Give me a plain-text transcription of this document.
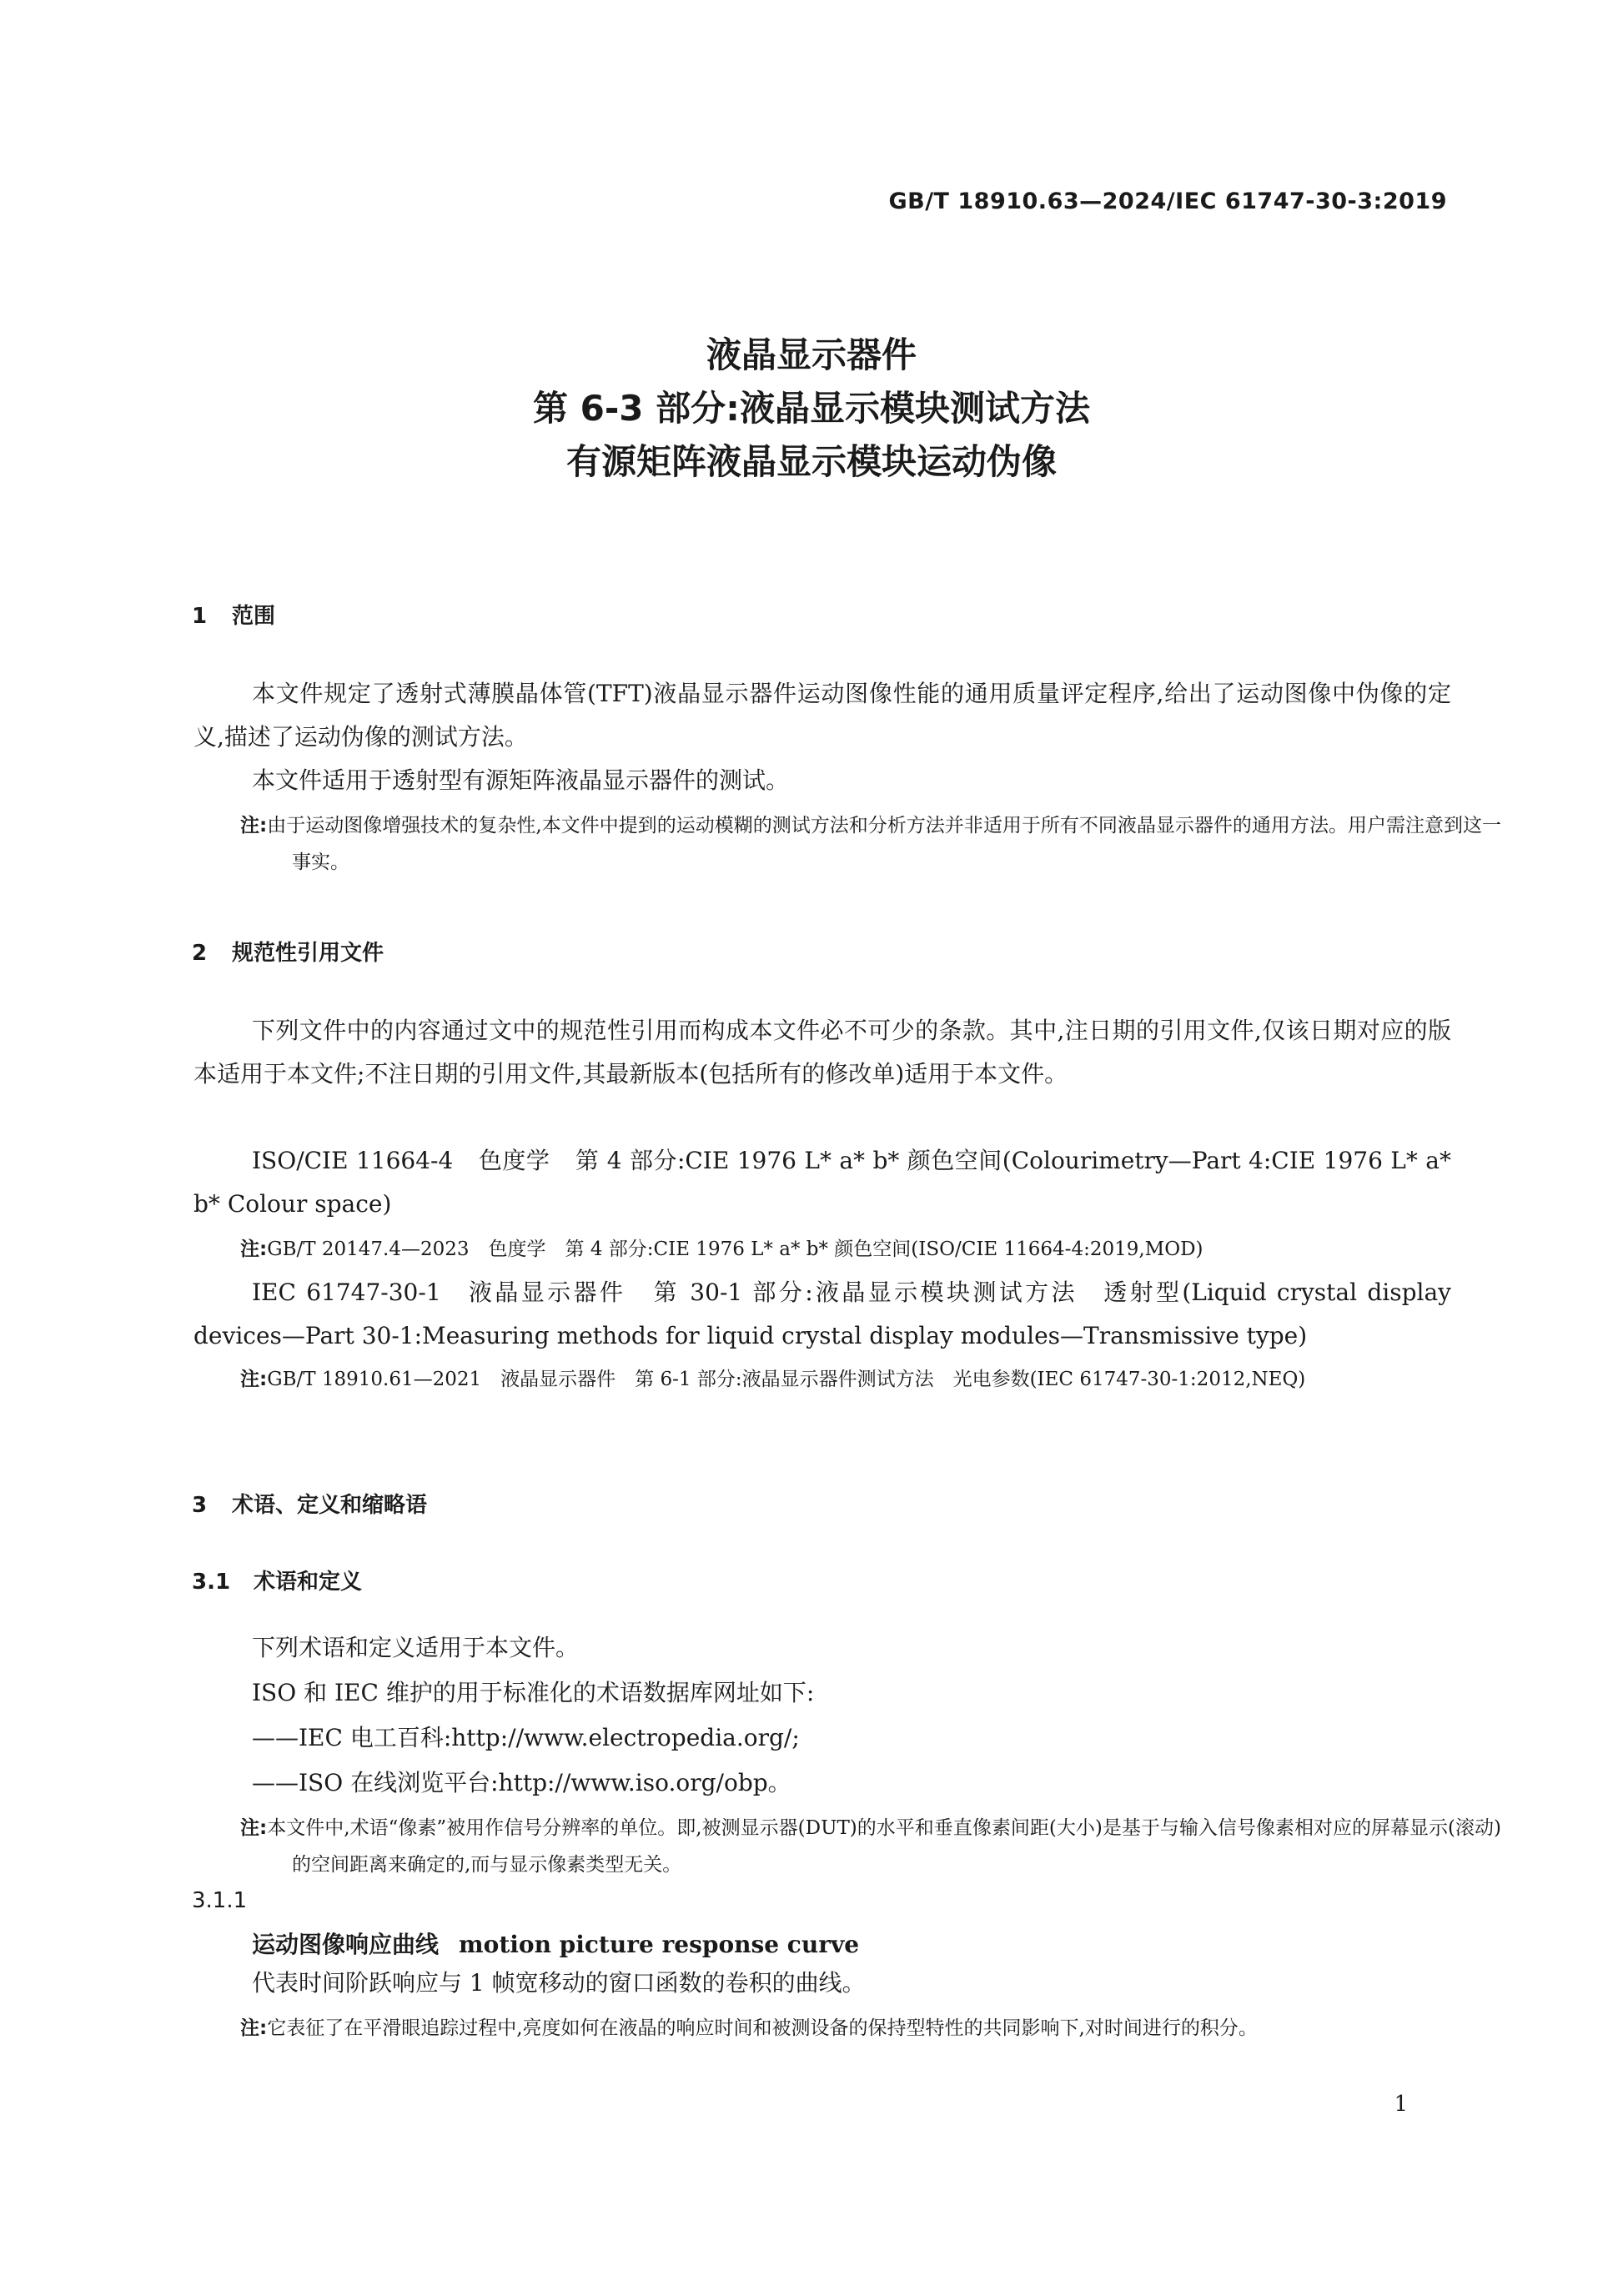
GB/T 18910.63—2024/IEC 61747-30-3:2019
液晶显示器件
第 6-3 部分:液晶显示模块测试方法
有源矩阵液晶显示模块运动伪像
1 范围
本文件规定了透射式薄膜晶体管(TFT)液晶显示器件运动图像性能的通用质量评定程序,给出了运动图像中伪像的定义,描述了运动伪像的测试方法。
本文件适用于透射型有源矩阵液晶显示器件的测试。
注:由于运动图像增强技术的复杂性,本文件中提到的运动模糊的测试方法和分析方法并非适用于所有不同液晶显示器件的通用方法。用户需注意到这一事实。
2 规范性引用文件
下列文件中的内容通过文中的规范性引用而构成本文件必不可少的条款。其中,注日期的引用文件,仅该日期对应的版本适用于本文件;不注日期的引用文件,其最新版本(包括所有的修改单)适用于本文件。
ISO/CIE 11664-4 色度学 第 4 部分:CIE 1976 L* a* b* 颜色空间(Colourimetry—Part 4:CIE 1976 L* a* b* Colour space)
注:GB/T 20147.4—2023　色度学　第 4 部分:CIE 1976 L* a* b* 颜色空间(ISO/CIE 11664-4:2019,MOD)
IEC 61747-30-1 液晶显示器件 第 30-1 部分:液晶显示模块测试方法　透射型(Liquid crystal display devices—Part 30-1:Measuring methods for liquid crystal display modules—Transmissive type)
注:GB/T 18910.61—2021　液晶显示器件　第 6-1 部分:液晶显示器件测试方法　光电参数(IEC 61747-30-1:2012,NEQ)
3 术语、定义和缩略语
3.1 术语和定义
下列术语和定义适用于本文件。
ISO 和 IEC 维护的用于标准化的术语数据库网址如下:
——IEC 电工百科:http://www.electropedia.org/;
——ISO 在线浏览平台:http://www.iso.org/obp。
注:本文件中,术语“像素”被用作信号分辨率的单位。即,被测显示器(DUT)的水平和垂直像素间距(大小)是基于与输入信号像素相对应的屏幕显示(滚动)的空间距离来确定的,而与显示像素类型无关。
3.1.1
运动图像响应曲线 motion picture response curve
代表时间阶跃响应与 1 帧宽移动的窗口函数的卷积的曲线。
注:它表征了在平滑眼追踪过程中,亮度如何在液晶的响应时间和被测设备的保持型特性的共同影响下,对时间进行的积分。
1
